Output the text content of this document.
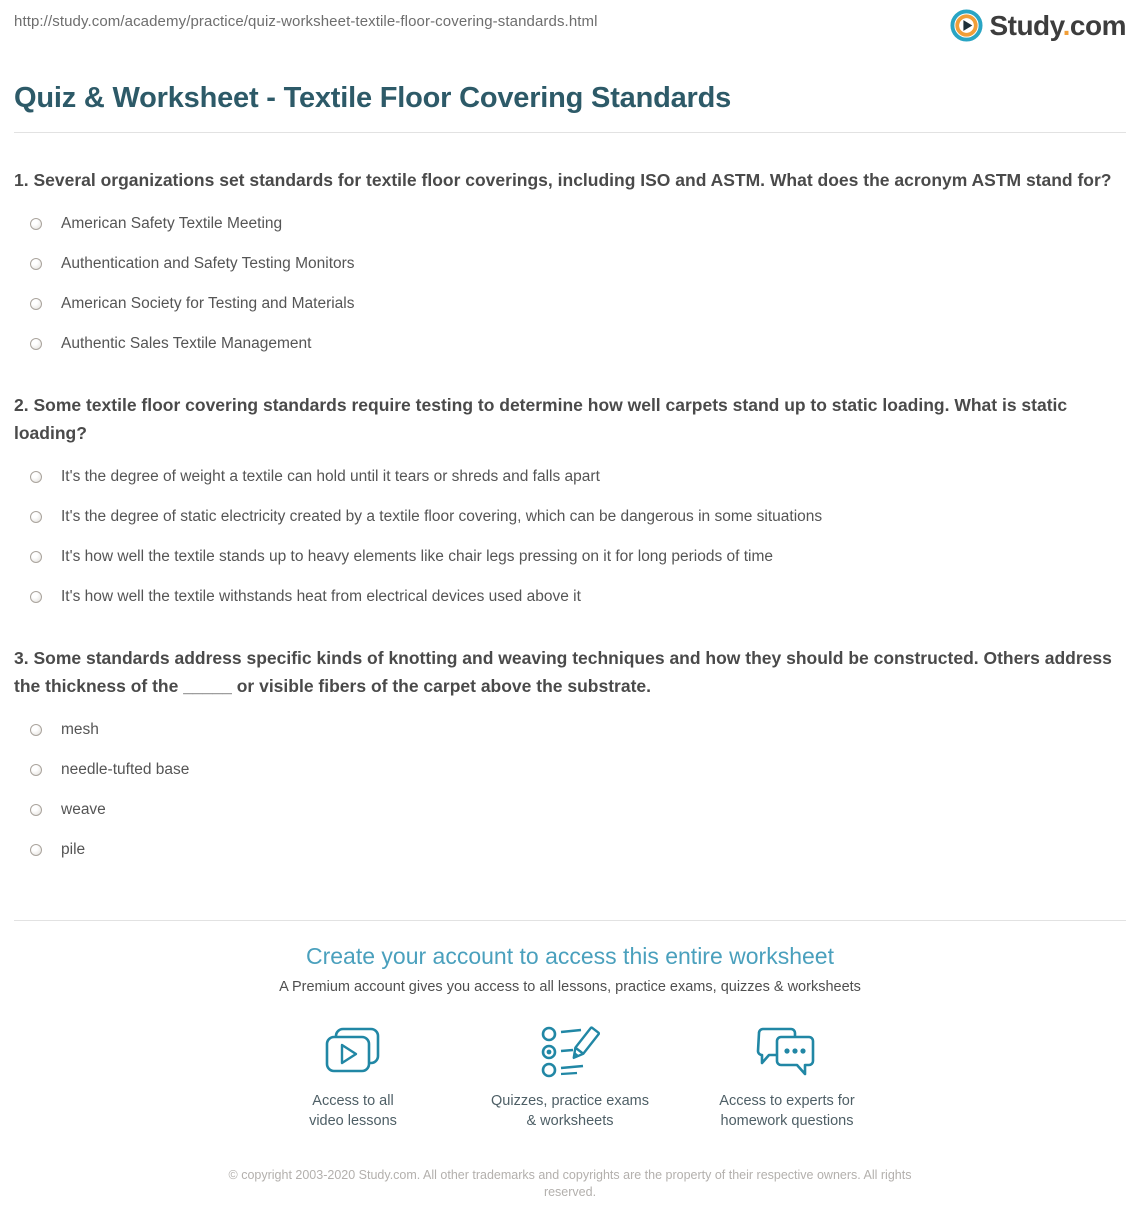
http://study.com/academy/practice/quiz-worksheet-textile-floor-covering-standards.html	Study.com
Quiz & Worksheet - Textile Floor Covering Standards
1. Several organizations set standards for textile floor coverings, including ISO and ASTM. What does the acronym ASTM stand for?
American Safety Textile Meeting
Authentication and Safety Testing Monitors
American Society for Testing and Materials
Authentic Sales Textile Management
2. Some textile floor covering standards require testing to determine how well carpets stand up to static loading. What is static loading?
It's the degree of weight a textile can hold until it tears or shreds and falls apart
It's the degree of static electricity created by a textile floor covering, which can be dangerous in some situations
It's how well the textile stands up to heavy elements like chair legs pressing on it for long periods of time
It's how well the textile withstands heat from electrical devices used above it
3. Some standards address specific kinds of knotting and weaving techniques and how they should be constructed. Others address the thickness of the _____ or visible fibers of the carpet above the substrate.
mesh
needle-tufted base
weave
pile
Create your account to access this entire worksheet
A Premium account gives you access to all lessons, practice exams, quizzes & worksheets
Access to all
video lessons
Quizzes, practice exams
& worksheets
Access to experts for
homework questions
© copyright 2003-2020 Study.com. All other trademarks and copyrights are the property of their respective owners. All rights reserved.
